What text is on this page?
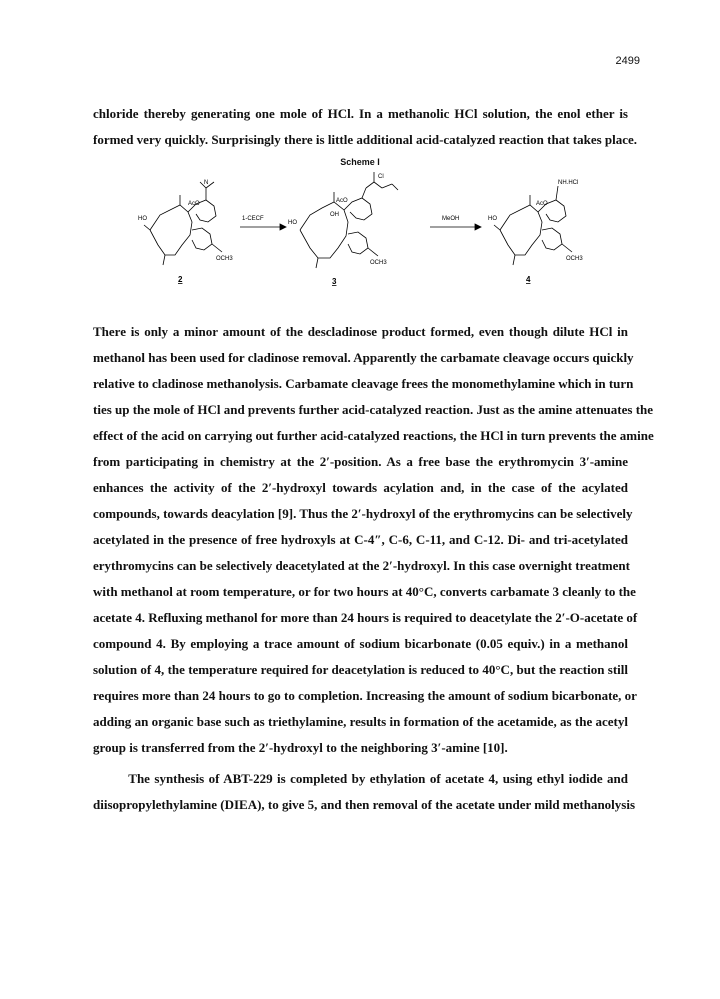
2499

chloride thereby generating one mole of HCl. In a methanolic HCl solution, the enol ether is
formed very quickly. Surprisingly there is little additional acid-catalyzed reaction that takes place.

Scheme I
HO
AcO
N
OCH3
1-CECF
HO
AcO
OH
Cl
OCH3
MeOH	HO
AcO
NH.HCl
OCH3
2	3	4

There is only a minor amount of the descladinose product formed, even though dilute HCl in
methanol has been used for cladinose removal. Apparently the carbamate cleavage occurs quickly
relative to cladinose methanolysis. Carbamate cleavage frees the monomethylamine which in turn
ties up the mole of HCl and prevents further acid-catalyzed reaction. Just as the amine attenuates the
effect of the acid on carrying out further acid-catalyzed reactions, the HCl in turn prevents the amine
from participating in chemistry at the 2′-position. As a free base the erythromycin 3′-amine
enhances the activity of the 2′-hydroxyl towards acylation and, in the case of the acylated
compounds, towards deacylation [9]. Thus the 2′-hydroxyl of the erythromycins can be selectively
acetylated in the presence of free hydroxyls at C-4″, C-6, C-11, and C-12. Di- and tri-acetylated
erythromycins can be selectively deacetylated at the 2′-hydroxyl. In this case overnight treatment
with methanol at room temperature, or for two hours at 40°C, converts carbamate 3 cleanly to the
acetate 4. Refluxing methanol for more than 24 hours is required to deacetylate the 2′-O-acetate of
compound 4. By employing a trace amount of sodium bicarbonate (0.05 equiv.) in a methanol
solution of 4, the temperature required for deacetylation is reduced to 40°C, but the reaction still
requires more than 24 hours to go to completion. Increasing the amount of sodium bicarbonate, or
adding an organic base such as triethylamine, results in formation of the acetamide, as the acetyl
group is transferred from the 2′-hydroxyl to the neighboring 3′-amine [10].

The synthesis of ABT-229 is completed by ethylation of acetate 4, using ethyl iodide and
diisopropylethylamine (DIEA), to give 5, and then removal of the acetate under mild methanolysis
